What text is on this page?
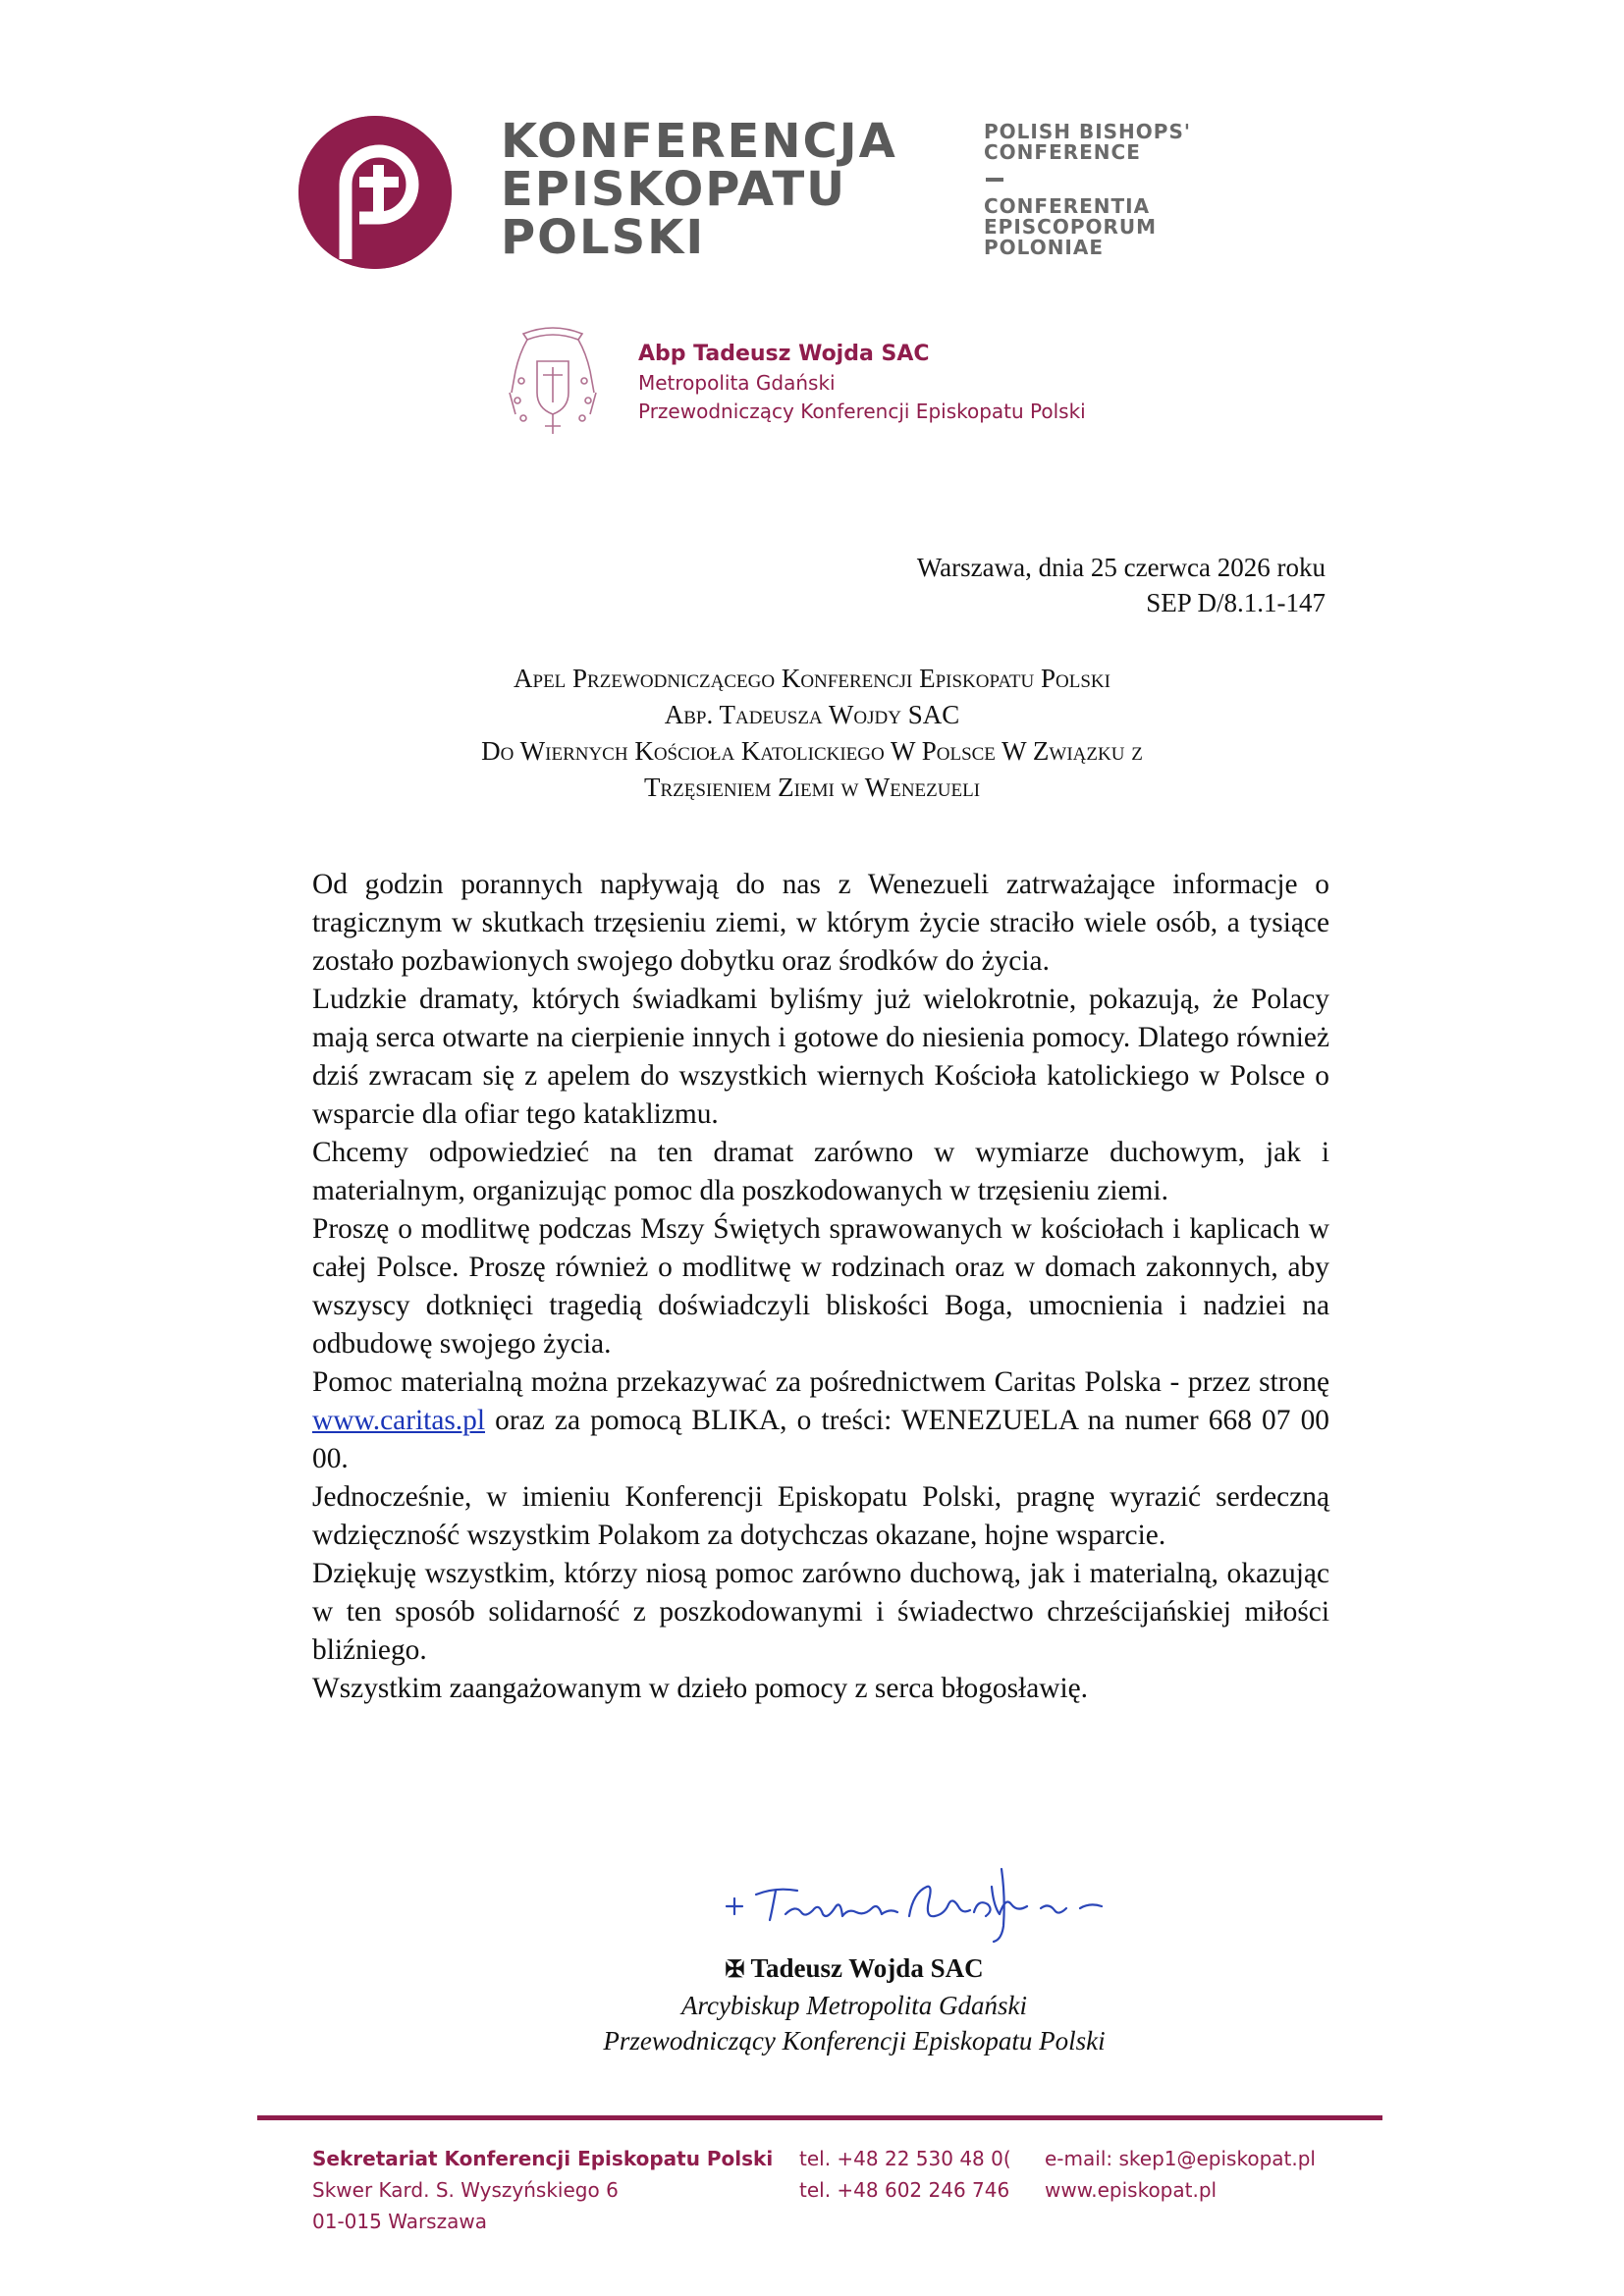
KONFERENCJA
EPISKOPATU
POLSKI
POLISH BISHOPS'
CONFERENCE
CONFERENTIA
EPISCOPORUM
POLONIAE
Abp Tadeusz Wojda SAC
Metropolita Gdański
Przewodniczący Konferencji Episkopatu Polski
Warszawa, dnia 25 czerwca 2026 roku
SEP D/8.1.1-147
Apel Przewodniczącego Konferencji Episkopatu Polski
Abp. Tadeusza Wojdy SAC
Do Wiernych Kościoła Katolickiego W Polsce W Związku z
Trzęsieniem Ziemi w Wenezueli

Od godzin porannych napływają do nas z Wenezueli zatrważające informacje o tragicznym w skutkach trzęsieniu ziemi, w którym życie straciło wiele osób, a tysiące zostało pozbawionych swojego dobytku oraz środków do życia.

Ludzkie dramaty, których świadkami byliśmy już wielokrotnie, pokazują, że Polacy mają serca otwarte na cierpienie innych i gotowe do niesienia pomocy. Dlatego również dziś zwracam się z apelem do wszystkich wiernych Kościoła katolickiego w Polsce o wsparcie dla ofiar tego kataklizmu.

Chcemy odpowiedzieć na ten dramat zarówno w wymiarze duchowym, jak i materialnym, organizując pomoc dla poszkodowanych w trzęsieniu ziemi.

Proszę o modlitwę podczas Mszy Świętych sprawowanych w kościołach i kaplicach w całej Polsce. Proszę również o modlitwę w rodzinach oraz w domach zakonnych, aby wszyscy dotknięci tragedią doświadczyli bliskości Boga, umocnienia i nadziei na odbudowę swojego życia.

Pomoc materialną można przekazywać za pośrednictwem Caritas Polska - przez stronę www.caritas.pl oraz za pomocą BLIKA, o treści: WENEZUELA na numer 668 07 00 00.

Jednocześnie, w imieniu Konferencji Episkopatu Polski, pragnę wyrazić serdeczną wdzięczność wszystkim Polakom za dotychczas okazane, hojne wsparcie.

Dziękuję wszystkim, którzy niosą pomoc zarówno duchową, jak i materialną, okazując w ten sposób solidarność z poszkodowanymi i świadectwo chrześcijańskiej miłości bliźniego.

Wszystkim zaangażowanym w dzieło pomocy z serca błogosławię.

✠ Tadeusz Wojda SAC
Arcybiskup Metropolita Gdański
Przewodniczący Konferencji Episkopatu Polski
Sekretariat Konferencji Episkopatu Polski
Skwer Kard. S. Wyszyńskiego 6
01-015 Warszawa
tel. +48 22 530 48 0(
tel. +48 602 246 746
e-mail: skep1@episkopat.pl
www.episkopat.pl
